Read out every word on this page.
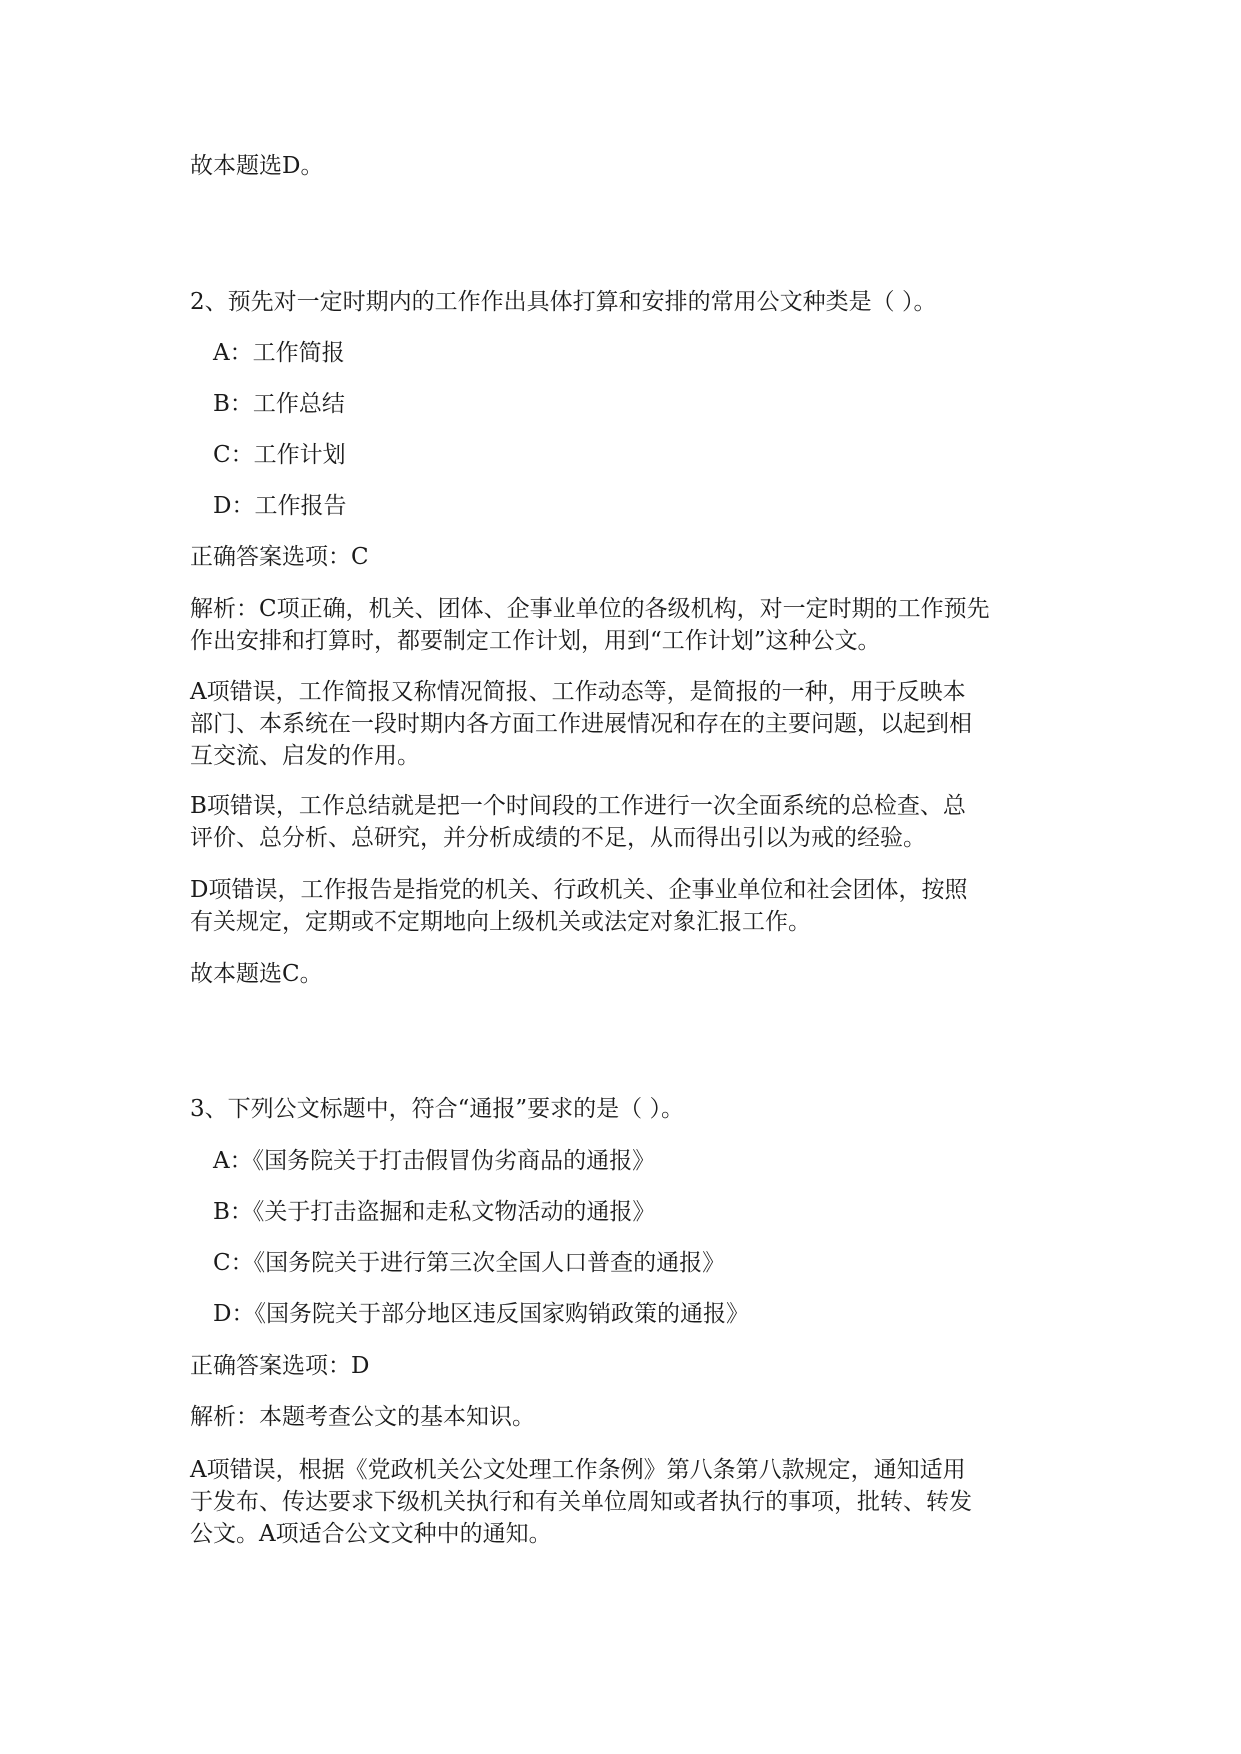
故本题选D。
2、预先对一定时期内的工作作出具体打算和安排的常用公文种类是（ ）。
A：工作简报
B：工作总结
C：工作计划
D：工作报告
正确答案选项：C
解析：C项正确，机关、团体、企事业单位的各级机构，对一定时期的工作预先
作出安排和打算时，都要制定工作计划，用到“工作计划”这种公文。
A项错误，工作简报又称情况简报、工作动态等，是简报的一种，用于反映本
部门、本系统在一段时期内各方面工作进展情况和存在的主要问题，以起到相
互交流、启发的作用。
B项错误，工作总结就是把一个时间段的工作进行一次全面系统的总检查、总
评价、总分析、总研究，并分析成绩的不足，从而得出引以为戒的经验。
D项错误，工作报告是指党的机关、行政机关、企事业单位和社会团体，按照
有关规定，定期或不定期地向上级机关或法定对象汇报工作。
故本题选C。
3、下列公文标题中，符合“通报”要求的是（ ）。
A：《国务院关于打击假冒伪劣商品的通报》
B：《关于打击盗掘和走私文物活动的通报》
C：《国务院关于进行第三次全国人口普查的通报》
D：《国务院关于部分地区违反国家购销政策的通报》
正确答案选项：D
解析：本题考查公文的基本知识。
A项错误，根据《党政机关公文处理工作条例》第八条第八款规定，通知适用
于发布、传达要求下级机关执行和有关单位周知或者执行的事项，批转、转发
公文。A项适合公文文种中的通知。
